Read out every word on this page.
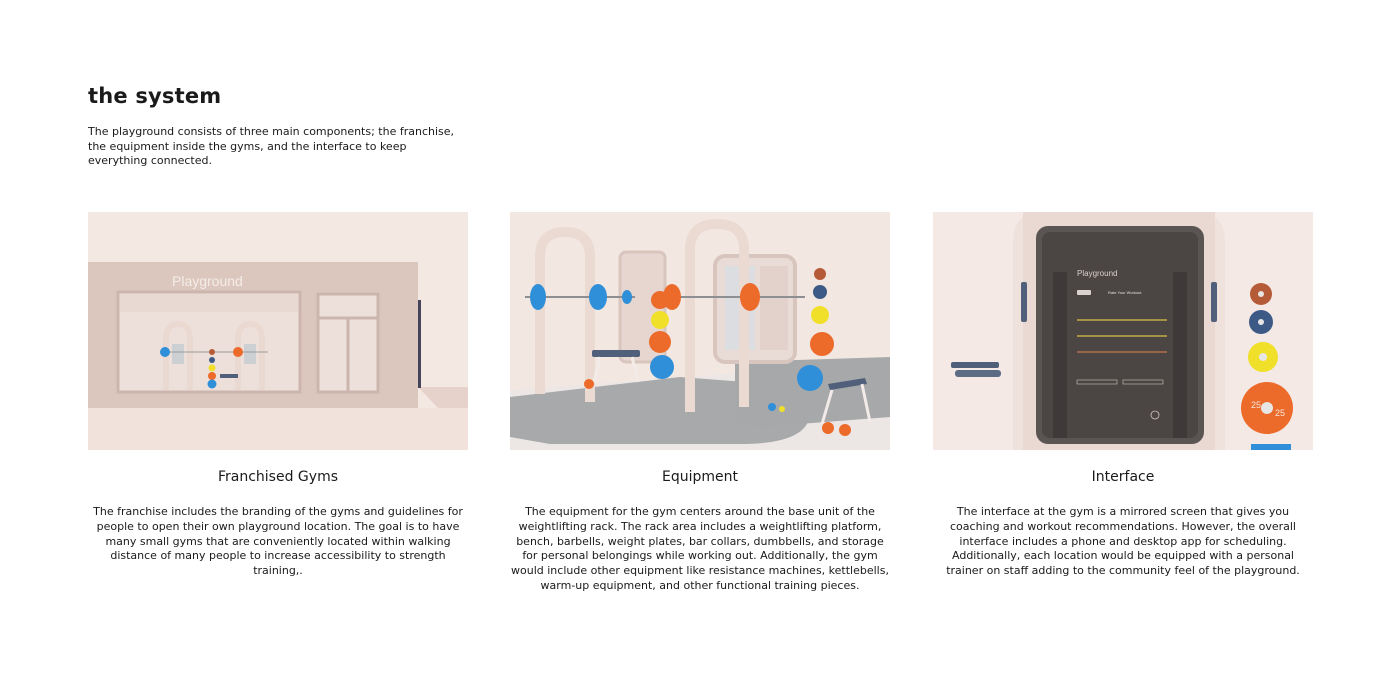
the system

The playground consists of three main components; the franchise, the equipment inside the gyms, and the interface to keep everything connected.

Playground
Franchised Gyms

The franchise includes the branding of the gyms and guidelines for people to open their own playground location. The goal is to have many small gyms that are conveniently located within walking distance of many people to increase accessibility to strength training,.

Equipment

The equipment for the gym centers around the base unit of the weightlifting rack. The rack area includes a weightlifting platform, bench, barbells, weight plates, bar collars, dumbbells, and storage for personal belongings while working out. Additionally, the gym would include other equipment like resistance machines, kettlebells, warm-up equipment, and other functional training pieces.

Playground
Rate Your Workout
25
25
Interface

The interface at the gym is a mirrored screen that gives you coaching and workout recommendations. However, the overall interface includes a phone and desktop app for scheduling. Additionally, each location would be equipped with a personal trainer on staff adding to the community feel of the playground.
